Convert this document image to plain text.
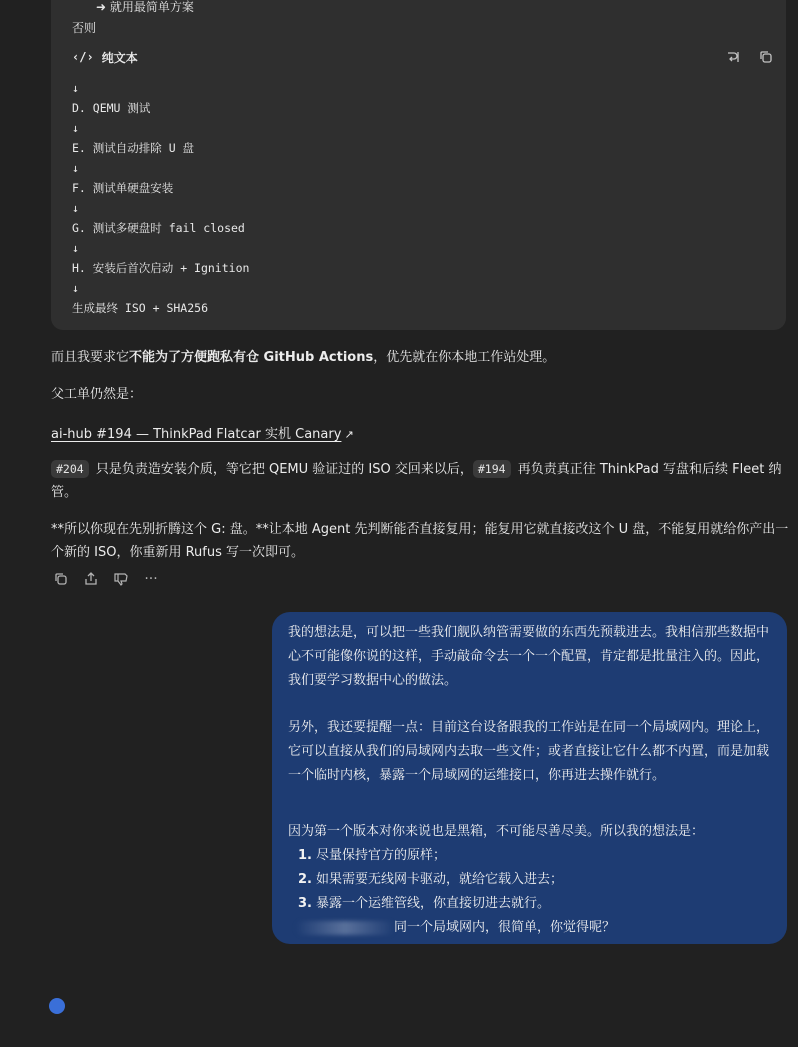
➜ 就用最简单方案
否则
‹/› 纯文本
↓
D. QEMU 测试
↓
E. 测试自动排除 U 盘
↓
F. 测试单硬盘安装
↓
G. 测试多硬盘时 fail closed
↓
H. 安装后首次启动 + Ignition
↓
生成最终 ISO + SHA256
而且我要求它不能为了方便跑私有仓 GitHub Actions，优先就在你本地工作站处理。
父工单仍然是：
ai-hub #194 — ThinkPad Flatcar 实机 Canary ↗
#204 只是负责造安装介质，等它把 QEMU 验证过的 ISO 交回来以后， #194 再负责真正往 ThinkPad 写盘和后续 Fleet 纳管。
**所以你现在先别折腾这个 G: 盘。**让本地 Agent 先判断能否直接复用；能复用它就直接改这个 U 盘，不能复用就给你产出一个新的 ISO，你重新用 Rufus 写一次即可。
···

我的想法是，可以把一些我们舰队纳管需要做的东西先预载进去。我相信那些数据中心不可能像你说的这样，手动敲命令去一个一个配置，肯定都是批量注入的。因此，我们要学习数据中心的做法。

另外，我还要提醒一点：目前这台设备跟我的工作站是在同一个局域网内。理论上，它可以直接从我们的局域网内去取一些文件；或者直接让它什么都不内置，而是加载一个临时内核，暴露一个局域网的运维接口，你再进去操作就行。

因为第一个版本对你来说也是黑箱，不可能尽善尽美。所以我的想法是：

1. 尽量保持官方的原样；
2. 如果需要无线网卡驱动，就给它载入进去；
3. 暴露一个运维管线，你直接切进去就行。
同一个局域网内，很简单，你觉得呢？
